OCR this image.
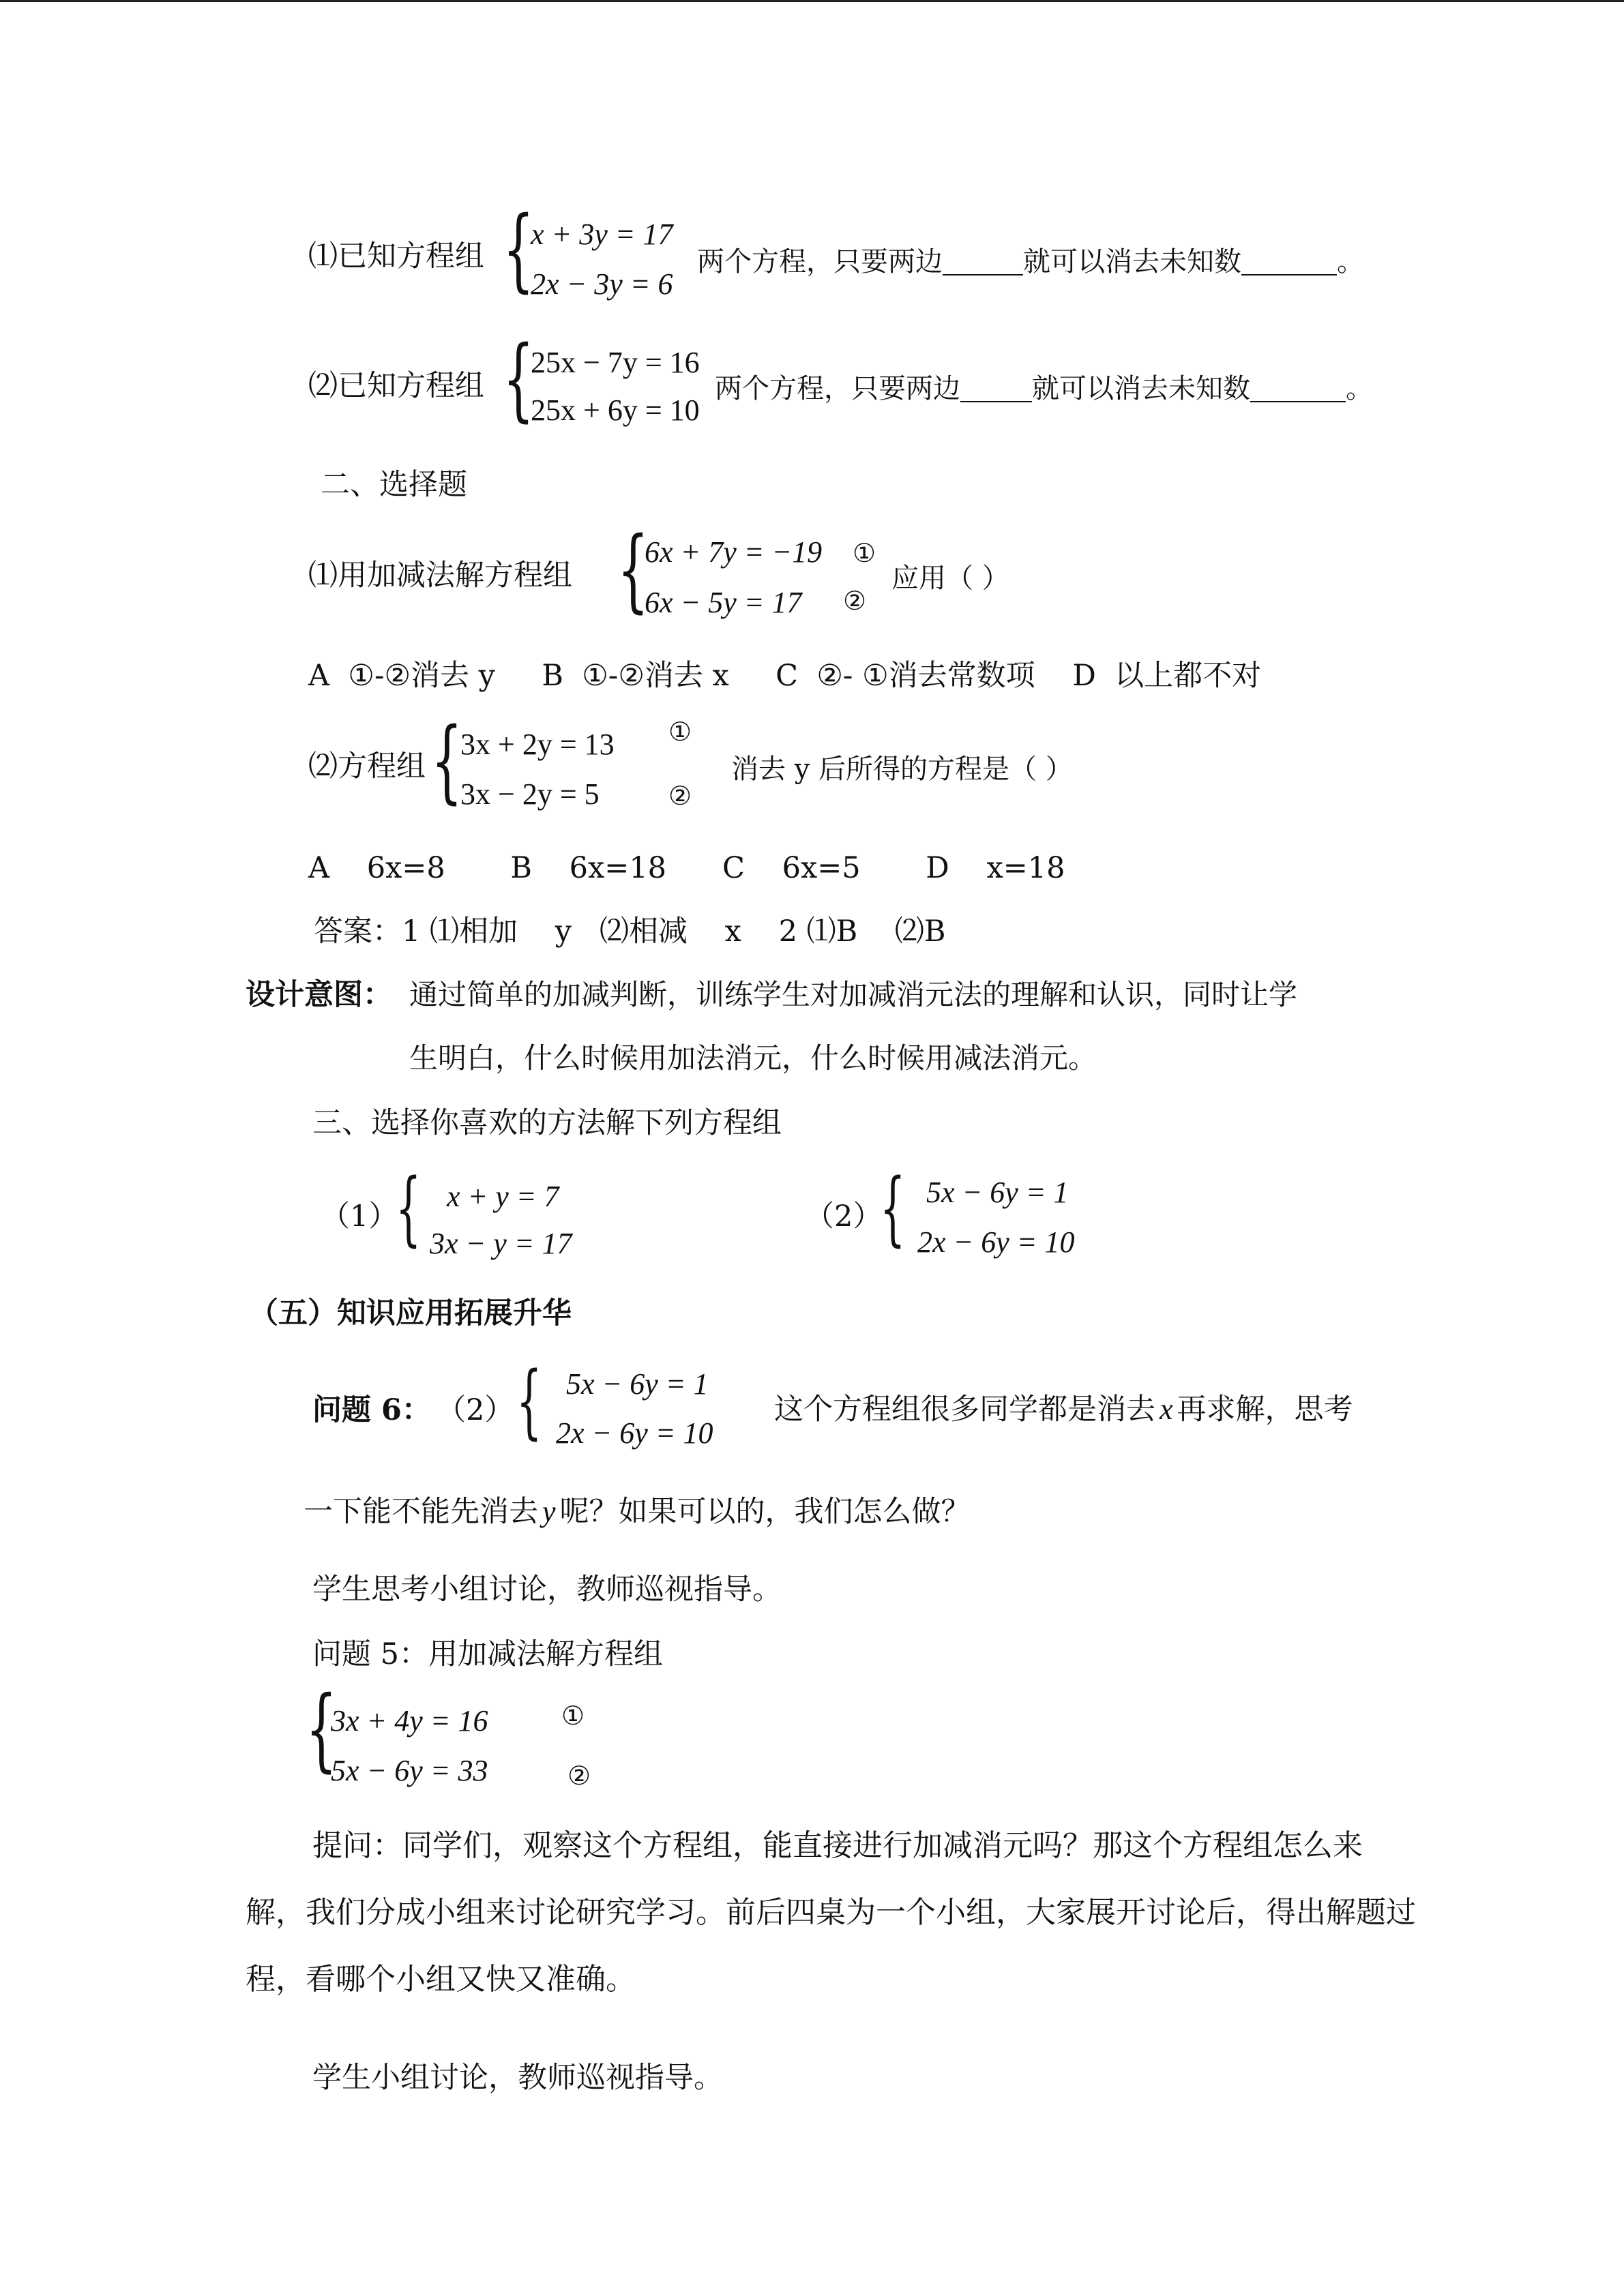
⑴已知方程组 {
x + 3y = 17
2x − 3y = 6
两个方程，只要两边	就可以消去未知数	。
⑵已知方程组 {
25x − 7y = 16
25x + 6y = 10
两个方程，只要两边	就可以消去未知数	。
二、选择题
⑴用加减法解方程组 {
6x + 7y = −19
6x − 5y = 17
①
②
应用（ ）
A  ①-②消去 y     B  ①-②消去 x     C  ②- ①消去常数项    D  以上都不对
⑵方程组 {
3x + 2y = 13
3x − 2y = 5
①
②
消去 y 后所得的方程是（ ）
A    6x=8       B    6x=18      C    6x=5       D    x=18
答案：1 ⑴相加    y   ⑵相减    x    2 ⑴B    ⑵B
设计意图： 通过简单的加减判断，训练学生对加减消元法的理解和认识，同时让学
生明白，什么时候用加法消元，什么时候用减法消元。
三、选择你喜欢的方法解下列方程组
（1）
{ x + y = 7
3x − y = 17
（2）
{ 5x − 6y = 1
2x − 6y = 10
（五）知识应用拓展升华
问题 6： （2） { 5x − 6y = 1
2x − 6y = 10
这个方程组很多同学都是消去 x 再求解，思考
一下能不能先消去 y 呢？如果可以的，我们怎么做？
学生思考小组讨论，教师巡视指导。
问题 5：用加减法解方程组
{
3x + 4y = 16
5x − 6y = 33
①
②
提问：同学们，观察这个方程组，能直接进行加减消元吗？那这个方程组怎么来解，我们分成小组来讨论研究学习。前后四桌为一个小组，大家展开讨论后，得出解题过程，看哪个小组又快又准确。
学生小组讨论，教师巡视指导。
